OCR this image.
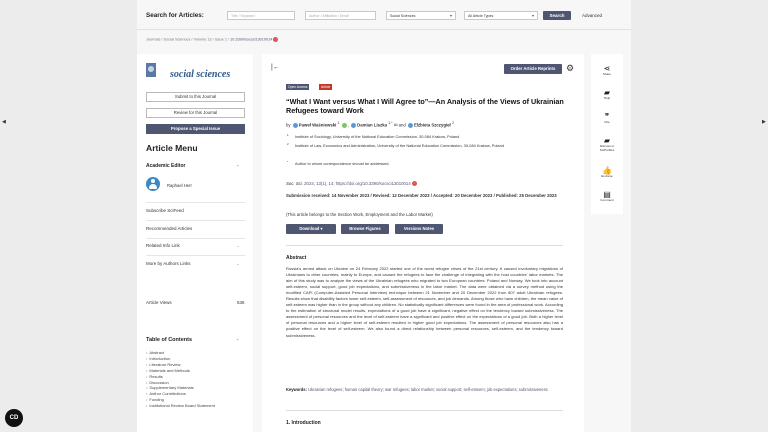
Search for Articles:	Title / Keyword	Author / Affiliation / Email	Social Sciences	▾	All Article Types	▾	Search	Advanced
Journals / Social Sciences / Volume 13 / Issue 1 / 10.3390/socsci13010014 ◔
social sciences
Submit to this Journal
Review for this Journal
Propose a Special Issue
Article Menu
Academic Editor	⌃
Raphael Herr
Subscribe SciFeed
Recommended Articles
Related Info Link	⌄
More by Authors Links	⌄
Article Views	536
Table of Contents	⌃
• Abstract
• Introduction
• Literature Review
• Materials and Methods
• Results
• Discussion
• Supplementary Materials
• Author Contributions
• Funding
• Institutional Review Board Statement
|←	Order Article Reprints	⚙
Open Access	Article
“What I Want versus What I Will Agree to”—An Analysis of the Views of Ukrainian Refugees toward Work
by Paweł Waśniewski $^1$ , Damian Liszka $^{1,*}$ ✉ and Elżbieta Szczygieł $^2$
1	Institute of Sociology, University of the National Education Commission, 30-084 Krakow, Poland
2	Institute of Law, Economics and Administration, University of the National Education Commission, 30-084 Krakow, Poland
*	Author to whom correspondence should be addressed.
Soc. Sci. 2024, 13(1), 14; https://doi.org/10.3390/socsci13010014 ◔
Submission received: 14 November 2023 / Revised: 12 December 2023 / Accepted: 20 December 2023 / Published: 25 December 2023
(This article belongs to the Section Work, Employment and the Labor Market)
Download ▾	Browse Figures	Versions Notes
Abstract
Russia’s armed attack on Ukraine on 24 February 2022 started one of the worst refugee crises of the 21st century. It caused involuntary migrations of Ukrainians to other countries, mainly to Europe, and caused the refugees to face the challenge of integrating with the host countries’ labor markets. The aim of this study was to analyze the views of the Ukrainian refugees who migrated to two European countries: Poland and Norway. We took into account self-esteem, social support, good job expectations, and submissiveness in the labor market. The data were obtained via a survey method using the modified CAPI (Computer-Assisted Personal Interview) technique between 21 November and 20 December 2022 from 807 adult Ukrainian refugees. Results show that disability factors lower self-esteem, self-assessment of resources, and job demands. Among those who have children, the mean value of self-esteem was higher than in the group without any children. No statistically significant differences were found in the area of professional work. According to the estimation of structural model results, expectations of a good job have a significant, negative effect on the tendency toward submissiveness. The assessment of personal resources and the level of self-esteem have a significant and positive effect on the expectations of a good job. Both a higher level of personal resources and a higher level of self-esteem resulted in higher good job expectations. The assessment of personal resources also has a positive effect on the level of self-esteem. We also found a direct relationship between personal resources, self-esteem, and the tendency toward submissiveness.
Keywords: Ukrainian refugees; human capital theory; war refugees; labor market; social support; self-esteem; job expectations; submissiveness
1. Introduction
⋖
Share
▰
Help
❞
Cite
▰
Discuss in SciProfiles
👍
Endorse
▤
Comment
◀	▶
CD
